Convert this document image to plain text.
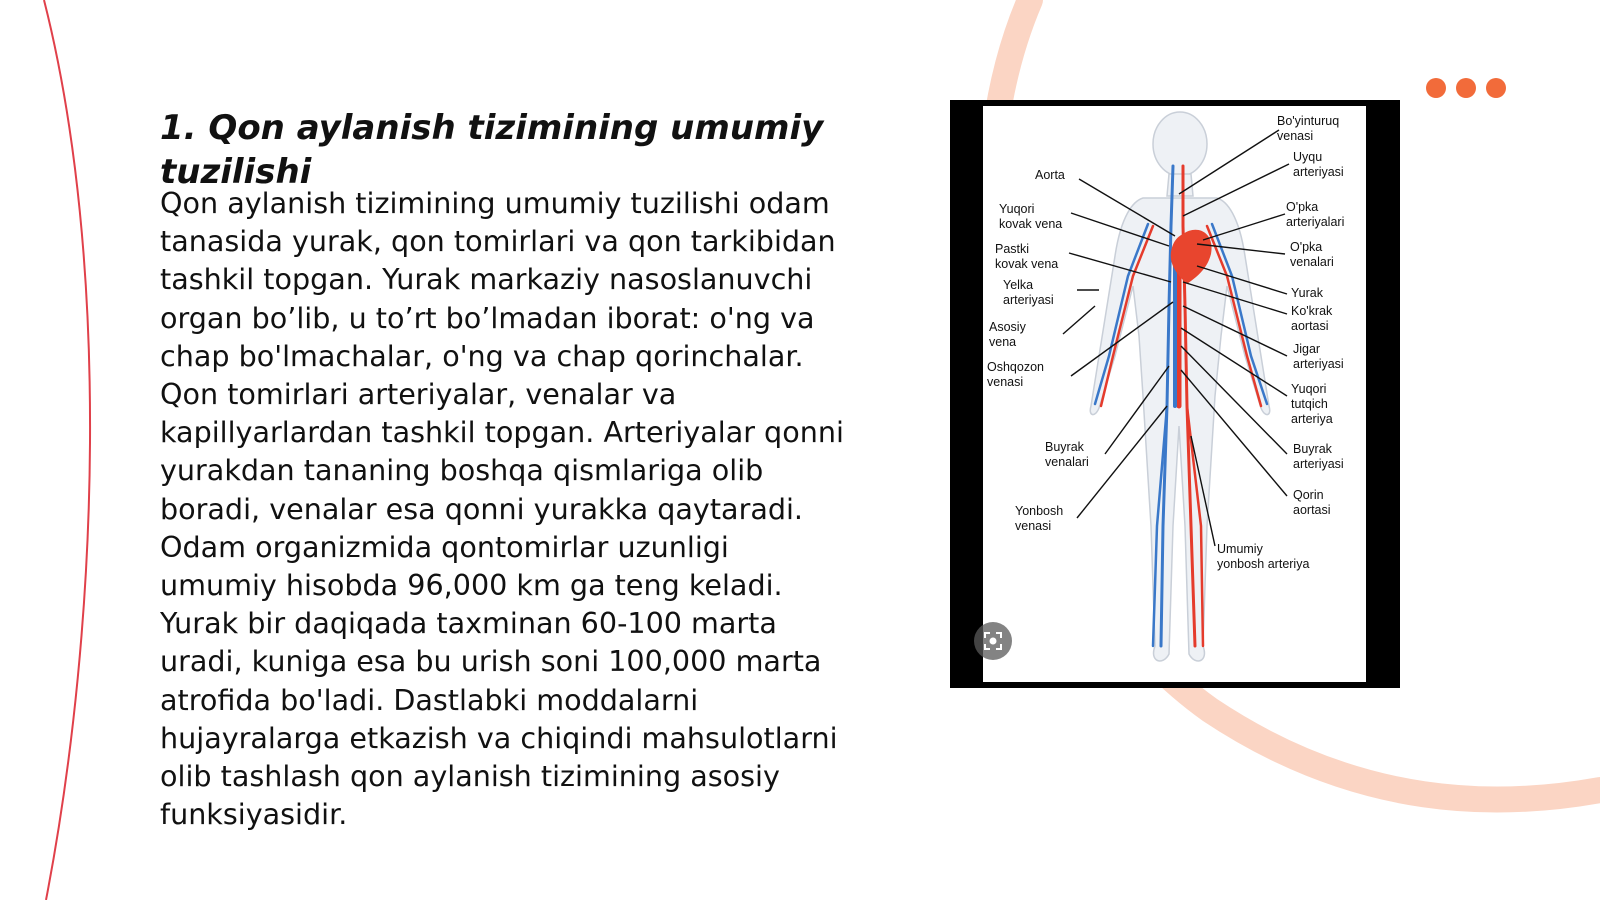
1. Qon aylanish tizimining umumiy tuzilishi

Qon aylanish tizimining umumiy tuzilishi odam tanasida yurak, qon tomirlari va qon tarkibidan tashkil topgan. Yurak markaziy nasoslanuvchi organ bo’lib, u to’rt bo’lmadan iborat: o'ng va chap bo'lmachalar, o'ng va chap qorinchalar. Qon tomirlari arteriyalar, venalar va kapillyarlardan tashkil topgan. Arteriyalar qonni yurakdan tananing boshqa qismlariga olib boradi, venalar esa qonni yurakka qaytaradi. Odam organizmida qontomirlar uzunligi umumiy hisobda 96,000 km ga teng keladi. Yurak bir daqiqada taxminan 60-100 marta uradi, kuniga esa bu urish soni 100,000 marta atrofida bo'ladi. Dastlabki moddalarni hujayralarga etkazish va chiqindi mahsulotlarni olib tashlash qon aylanish tizimining asosiy funksiyasidir.

Aorta
Yuqori
kovak vena
Pastki
kovak vena
Yelka
arteriyasi
Asosiy
vena
Oshqozon
venasi
Buyrak
venalari
Yonbosh
venasi
Bo'yinturuq
venasi
Uyqu
arteriyasi
O'pka
arteriyalari
O'pka
venalari
Yurak
Ko'krak
aortasi
Jigar
arteriyasi
Yuqori
tutqich
arteriya
Buyrak
arteriyasi
Qorin
aortasi
Umumiy
yonbosh arteriya
